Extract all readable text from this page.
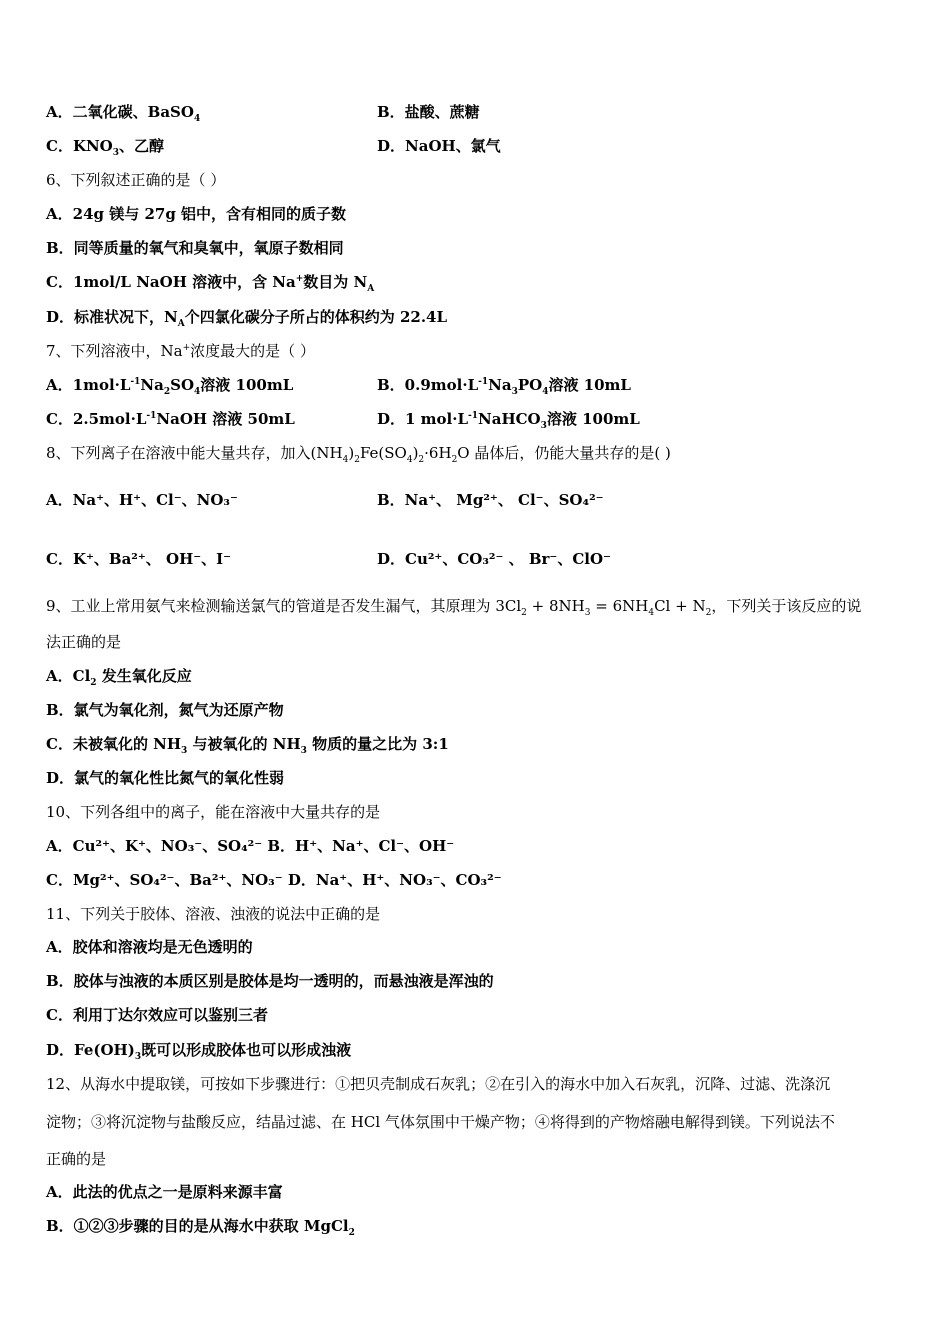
A．二氧化碳、BaSO$_4$	B．盐酸、蔗糖
C．$KNO_3$、乙醇	D．NaOH、氯气
6、下列叙述正确的是（ ）
A．24g 镁与 27g 铝中，含有相同的质子数
B．同等质量的氧气和臭氧中，氧原子数相同
C．1mol/L NaOH 溶液中，含 Na+数目为 $N_A$
D．标准状况下，$N_A$个四氯化碳分子所占的体积约为 22.4L
7、下列溶液中，Na+浓度最大的是（ ）
A．$1mol\cdot L^{-1}Na_2SO_4$溶液 100mL	B．$0.9mol\cdot L^{-1}Na_3PO_4$溶液 10mL
C．$2.5mol\cdot L^{-1}NaOH$ 溶液 50mL	D．1 $mol\cdot L^{-1}NaHCO_3$溶液 100mL
8、下列离子在溶液中能大量共存，加入$(NH_4)_2Fe(SO_4)_2\cdot 6H_2O$ 晶体后，仍能大量共存的是( )
A．Na⁺、H⁺、Cl⁻、NO₃⁻	B．Na⁺、 Mg²⁺、 Cl⁻、SO₄²⁻
C．K⁺、Ba²⁺、 OH⁻、I⁻	D．Cu²⁺、CO₃²⁻ 、 Br⁻、ClO⁻
9、工业上常用氨气来检测输送氯气的管道是否发生漏气，其原理为 $3Cl_2 + 8NH_3 = 6NH_4Cl + N_2$，下列关于该反应的说
法正确的是
A．$Cl_2$ 发生氧化反应
B．氯气为氧化剂，氮气为还原产物
C．未被氧化的 $NH_3$ 与被氧化的 $NH_3$ 物质的量之比为 3:1
D．氯气的氧化性比氮气的氧化性弱
10、下列各组中的离子，能在溶液中大量共存的是
A．Cu²⁺、K⁺、NO₃⁻、SO₄²⁻ B．H⁺、Na⁺、Cl⁻、OH⁻
C．Mg²⁺、SO₄²⁻、Ba²⁺、NO₃⁻ D．Na⁺、H⁺、NO₃⁻、CO₃²⁻
11、下列关于胶体、溶液、浊液的说法中正确的是
A．胶体和溶液均是无色透明的
B．胶体与浊液的本质区别是胶体是均一透明的，而悬浊液是浑浊的
C．利用丁达尔效应可以鉴别三者
D．$Fe(OH)_3$既可以形成胶体也可以形成浊液
12、从海水中提取镁，可按如下步骤进行：①把贝壳制成石灰乳；②在引入的海水中加入石灰乳，沉降、过滤、洗涤沉
淀物；③将沉淀物与盐酸反应，结晶过滤、在 HCl 气体氛围中干燥产物；④将得到的产物熔融电解得到镁。下列说法不
正确的是
A．此法的优点之一是原料来源丰富
B．①②③步骤的目的是从海水中获取 MgCl$_2$
